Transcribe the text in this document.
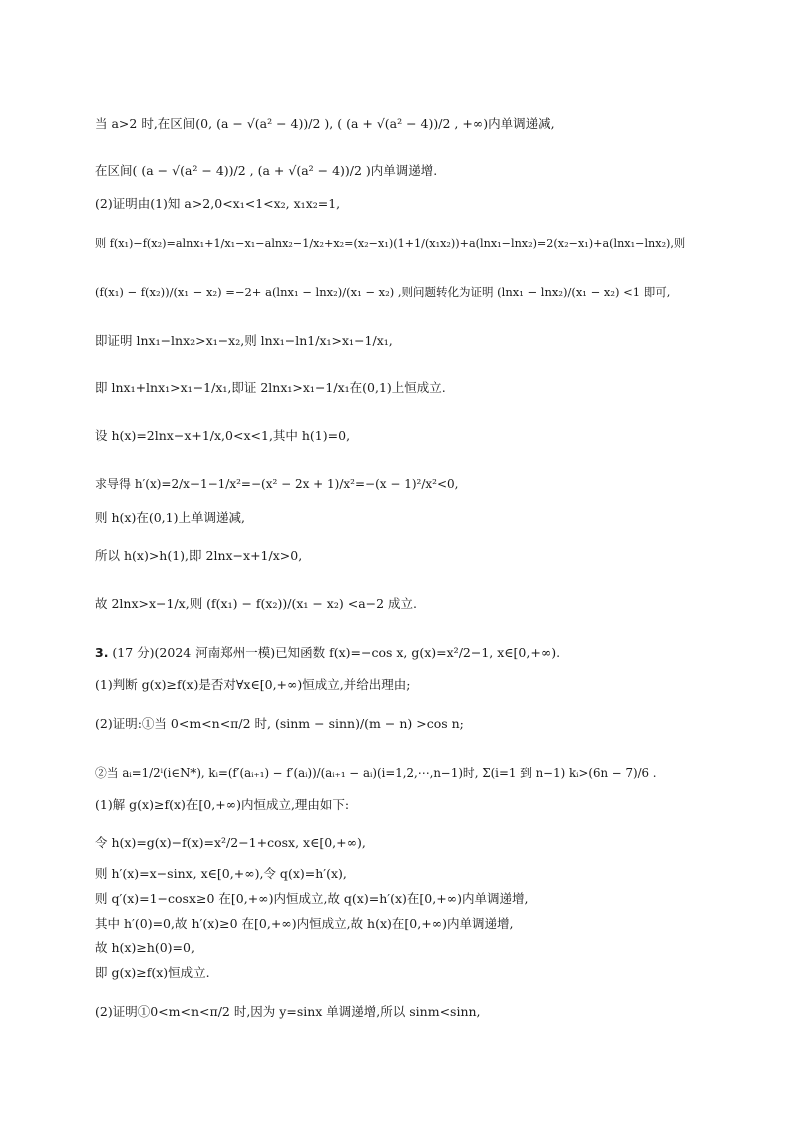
当 a>2 时,在区间(0, (a − √(a² − 4))/2 ), ( (a + √(a² − 4))/2 , +∞)内单调递减,
在区间( (a − √(a² − 4))/2 , (a + √(a² − 4))/2 )内单调递增.
(2)证明由(1)知 a>2,0<x₁<1<x₂, x₁x₂=1,
则 f(x₁)−f(x₂)=alnx₁+1/x₁−x₁−alnx₂−1/x₂+x₂=(x₂−x₁)(1+1/(x₁x₂))+a(lnx₁−lnx₂)=2(x₂−x₁)+a(lnx₁−lnx₂),则
(f(x₁) − f(x₂))/(x₁ − x₂) =−2+ a(lnx₁ − lnx₂)/(x₁ − x₂) ,则问题转化为证明 (lnx₁ − lnx₂)/(x₁ − x₂) <1 即可,
即证明 lnx₁−lnx₂>x₁−x₂,则 lnx₁−ln1/x₁>x₁−1/x₁,
即 lnx₁+lnx₁>x₁−1/x₁,即证 2lnx₁>x₁−1/x₁在(0,1)上恒成立.
设 h(x)=2lnx−x+1/x,0<x<1,其中 h(1)=0,
求导得 h′(x)=2/x−1−1/x²=−(x² − 2x + 1)/x²=−(x − 1)²/x²<0,
则 h(x)在(0,1)上单调递减,
所以 h(x)>h(1),即 2lnx−x+1/x>0,
故 2lnx>x−1/x,则 (f(x₁) − f(x₂))/(x₁ − x₂) <a−2 成立.
3. (17 分)(2024 河南郑州一模)已知函数 f(x)=−cos x, g(x)=x²/2−1, x∈[0,+∞).
(1)判断 g(x)≥f(x)是否对∀x∈[0,+∞)恒成立,并给出理由;
(2)证明:①当 0<m<n<π/2 时, (sinm − sinn)/(m − n) >cos n;
②当 aᵢ=1/2ⁱ(i∈N*), kᵢ=(f′(aᵢ₊₁) − f′(aᵢ))/(aᵢ₊₁ − aᵢ)(i=1,2,⋯,n−1)时, Σ(i=1 到 n−1) kᵢ>(6n − 7)/6 .
(1)解 g(x)≥f(x)在[0,+∞)内恒成立,理由如下:
令 h(x)=g(x)−f(x)=x²/2−1+cosx, x∈[0,+∞),
则 h′(x)=x−sinx, x∈[0,+∞),令 q(x)=h′(x),
则 q′(x)=1−cosx≥0 在[0,+∞)内恒成立,故 q(x)=h′(x)在[0,+∞)内单调递增,
其中 h′(0)=0,故 h′(x)≥0 在[0,+∞)内恒成立,故 h(x)在[0,+∞)内单调递增,
故 h(x)≥h(0)=0,
即 g(x)≥f(x)恒成立.
(2)证明①0<m<n<π/2 时,因为 y=sinx 单调递增,所以 sinm<sinn,
